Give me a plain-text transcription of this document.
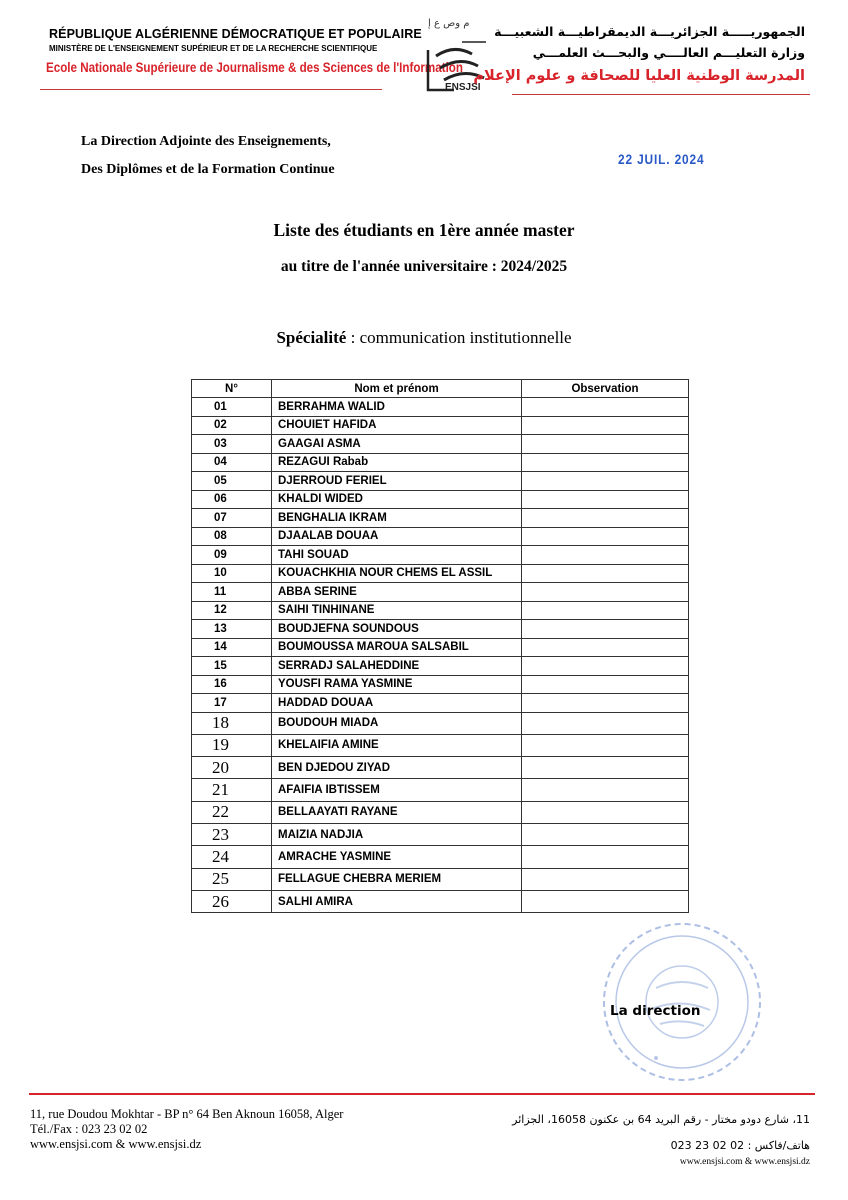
RÉPUBLIQUE ALGÉRIENNE DÉMOCRATIQUE ET POPULAIRE
MINISTÈRE DE L'ENSEIGNEMENT SUPÉRIEUR ET DE LA RECHERCHE SCIENTIFIQUE
Ecole Nationale Supérieure de Journalisme & des Sciences de l'Information
م وص ع إ
ENSJSI
الجمهوريـــــة الجزائريـــة الديمقراطيـــة الشعبيـــة
وزارة التعليـــم العالــــي والبحـــث العلمـــي
المدرسة الوطنية العليا للصحافة و علوم الإعلام
La Direction Adjointe des Enseignements,
Des Diplômes et de la Formation Continue
22 JUIL. 2024
Liste des étudiants en 1ère année master
au titre de l'année universitaire : 2024/2025
Spécialité : communication institutionnelle
N°	Nom et prénom	Observation
01	BERRAHMA WALID	
02	CHOUIET HAFIDA	
03	GAAGAI ASMA	
04	REZAGUI Rabab	
05	DJERROUD FERIEL	
06	KHALDI WIDED	
07	BENGHALIA IKRAM	
08	DJAALAB DOUAA	
09	TAHI SOUAD	
10	KOUACHKHIA NOUR CHEMS EL ASSIL	
11	ABBA SERINE	
12	SAIHI TINHINANE	
13	BOUDJEFNA SOUNDOUS	
14	BOUMOUSSA MAROUA SALSABIL	
15	SERRADJ SALAHEDDINE	
16	YOUSFI RAMA YASMINE	
17	HADDAD DOUAA	
18	BOUDOUH MIADA	
19	KHELAIFIA AMINE	
20	BEN DJEDOU ZIYAD	
21	AFAIFIA IBTISSEM	
22	BELLAAYATI RAYANE	
23	MAIZIA NADJIA	
24	AMRACHE YASMINE	
25	FELLAGUE CHEBRA MERIEM	
26	SALHI AMIRA	
La direction
11, rue Doudou Mokhtar - BP n° 64 Ben Aknoun 16058, Alger
Tél./Fax : 023 23 02 02
www.ensjsi.com & www.ensjsi.dz
11، شارع دودو مختار - رقم البريد 64 بن عكنون 16058، الجزائر
هاتف/فاكس : 02 02 23 023
www.ensjsi.com & www.ensjsi.dz
